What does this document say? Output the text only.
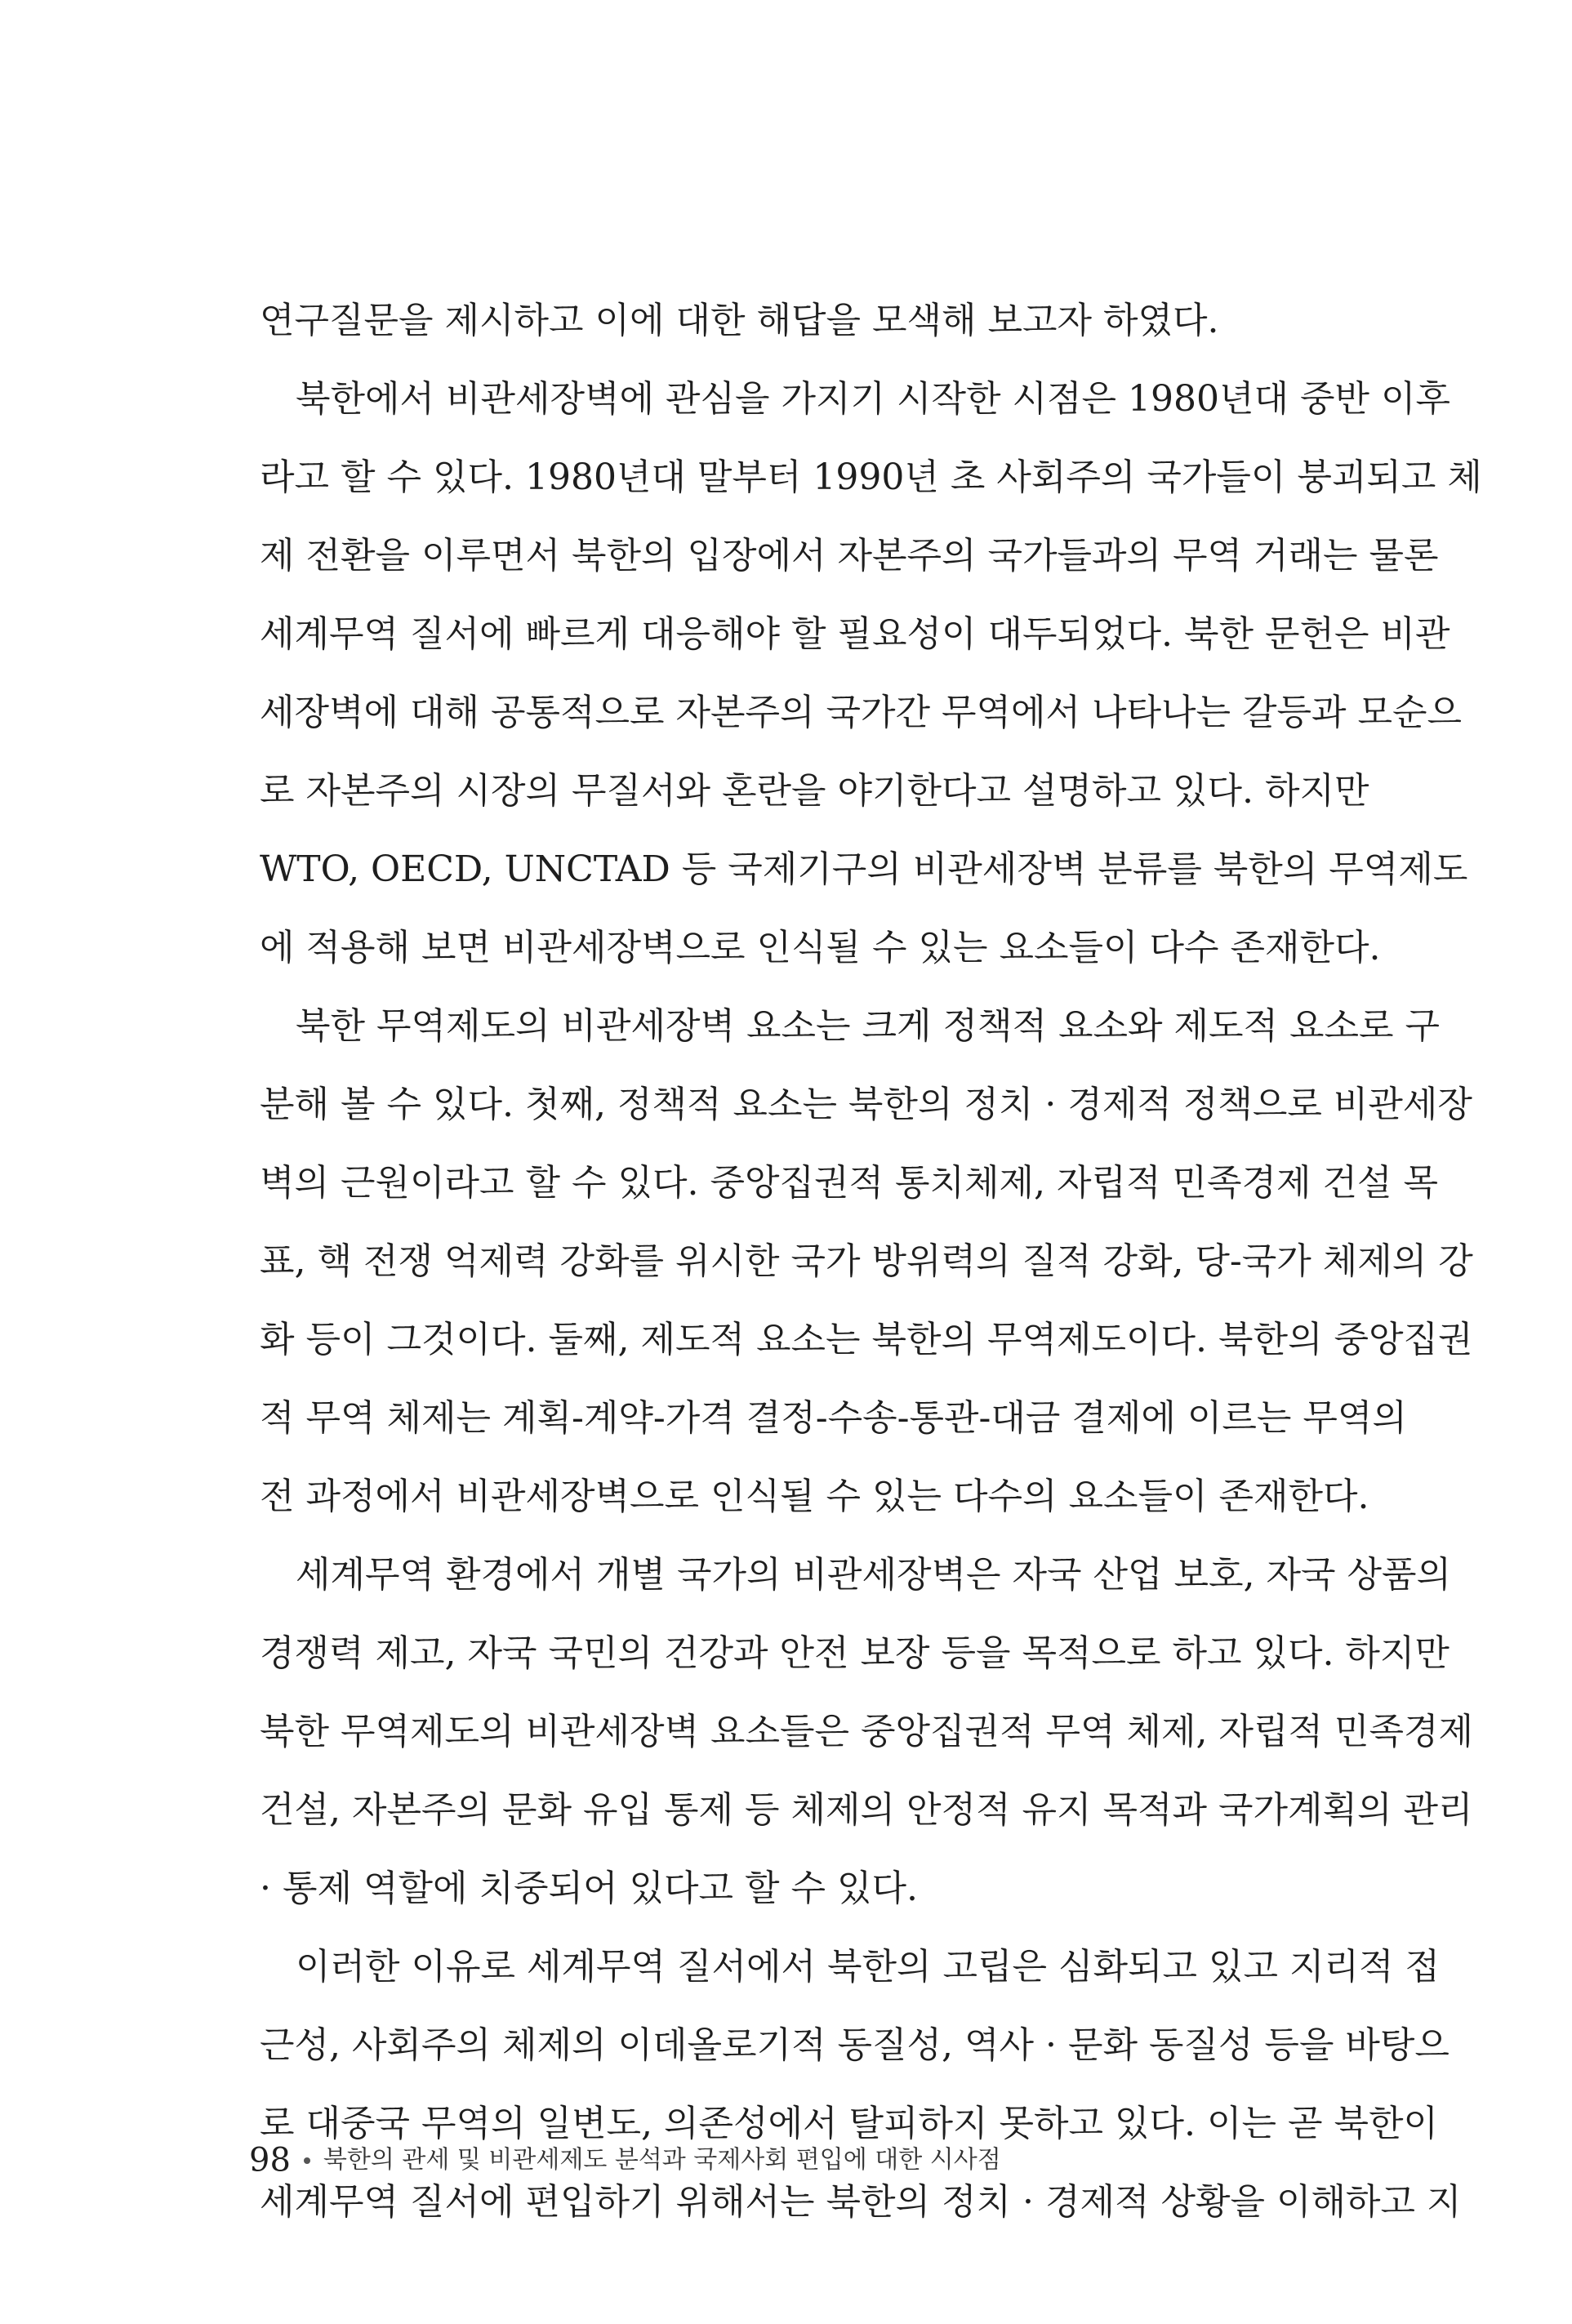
연구질문을 제시하고 이에 대한 해답을 모색해 보고자 하였다.
북한에서 비관세장벽에 관심을 가지기 시작한 시점은 1980년대 중반 이후
라고 할 수 있다. 1980년대 말부터 1990년 초 사회주의 국가들이 붕괴되고 체
제 전환을 이루면서 북한의 입장에서 자본주의 국가들과의 무역 거래는 물론
세계무역 질서에 빠르게 대응해야 할 필요성이 대두되었다. 북한 문헌은 비관
세장벽에 대해 공통적으로 자본주의 국가간 무역에서 나타나는 갈등과 모순으
로 자본주의 시장의 무질서와 혼란을 야기한다고 설명하고 있다. 하지만
WTO, OECD, UNCTAD 등 국제기구의 비관세장벽 분류를 북한의 무역제도
에 적용해 보면 비관세장벽으로 인식될 수 있는 요소들이 다수 존재한다.
북한 무역제도의 비관세장벽 요소는 크게 정책적 요소와 제도적 요소로 구
분해 볼 수 있다. 첫째, 정책적 요소는 북한의 정치 · 경제적 정책으로 비관세장
벽의 근원이라고 할 수 있다. 중앙집권적 통치체제, 자립적 민족경제 건설 목
표, 핵 전쟁 억제력 강화를 위시한 국가 방위력의 질적 강화, 당-국가 체제의 강
화 등이 그것이다. 둘째, 제도적 요소는 북한의 무역제도이다. 북한의 중앙집권
적 무역 체제는 계획-계약-가격 결정-수송-통관-대금 결제에 이르는 무역의
전 과정에서 비관세장벽으로 인식될 수 있는 다수의 요소들이 존재한다.
세계무역 환경에서 개별 국가의 비관세장벽은 자국 산업 보호, 자국 상품의
경쟁력 제고, 자국 국민의 건강과 안전 보장 등을 목적으로 하고 있다. 하지만
북한 무역제도의 비관세장벽 요소들은 중앙집권적 무역 체제, 자립적 민족경제
건설, 자본주의 문화 유입 통제 등 체제의 안정적 유지 목적과 국가계획의 관리
· 통제 역할에 치중되어 있다고 할 수 있다.
이러한 이유로 세계무역 질서에서 북한의 고립은 심화되고 있고 지리적 접
근성, 사회주의 체제의 이데올로기적 동질성, 역사 · 문화 동질성 등을 바탕으
로 대중국 무역의 일변도, 의존성에서 탈피하지 못하고 있다. 이는 곧 북한이
세계무역 질서에 편입하기 위해서는 북한의 정치 · 경제적 상황을 이해하고 지
98 북한의 관세 및 비관세제도 분석과 국제사회 편입에 대한 시사점
